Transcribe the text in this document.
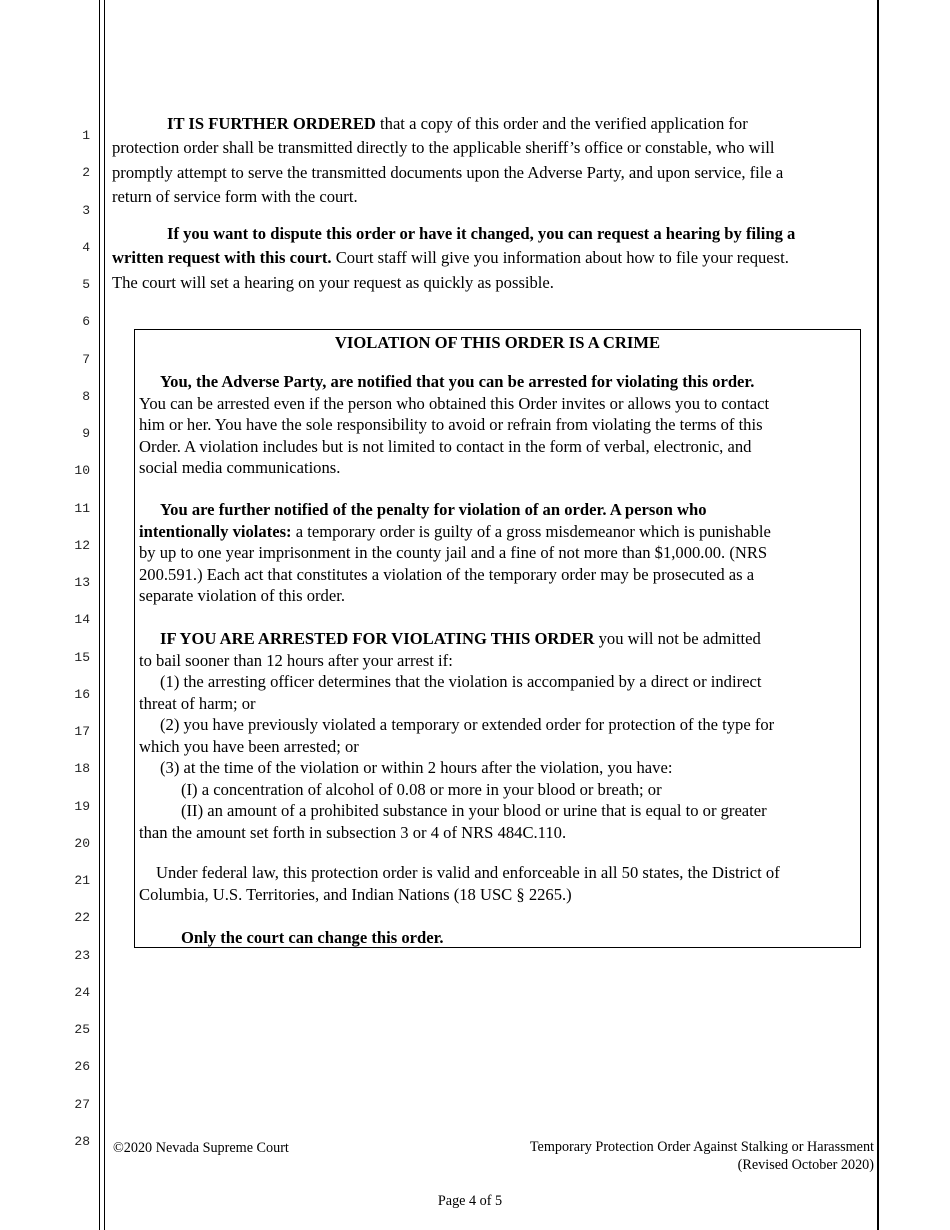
1
2
3
4
5
6
7
8
9
10
11
12
13
14
15
16
17
18
19
20
21
22
23
24
25
26
27
28
IT IS FURTHER ORDERED that a copy of this order and the verified application for
protection order shall be transmitted directly to the applicable sheriff’s office or constable, who will
promptly attempt to serve the transmitted documents upon the Adverse Party, and upon service, file a
return of service form with the court.
If you want to dispute this order or have it changed, you can request a hearing by filing a
written request with this court. Court staff will give you information about how to file your request.
The court will set a hearing on your request as quickly as possible.
VIOLATION OF THIS ORDER IS A CRIME
You, the Adverse Party, are notified that you can be arrested for violating this order.
You can be arrested even if the person who obtained this Order invites or allows you to contact
him or her. You have the sole responsibility to avoid or refrain from violating the terms of this
Order. A violation includes but is not limited to contact in the form of verbal, electronic, and
social media communications.
You are further notified of the penalty for violation of an order. A person who
intentionally violates: a temporary order is guilty of a gross misdemeanor which is punishable
by up to one year imprisonment in the county jail and a fine of not more than $1,000.00. (NRS
200.591.) Each act that constitutes a violation of the temporary order may be prosecuted as a
separate violation of this order.
IF YOU ARE ARRESTED FOR VIOLATING THIS ORDER you will not be admitted
to bail sooner than 12 hours after your arrest if:
(1) the arresting officer determines that the violation is accompanied by a direct or indirect
threat of harm; or
(2) you have previously violated a temporary or extended order for protection of the type for
which you have been arrested; or
(3) at the time of the violation or within 2 hours after the violation, you have:
(I) a concentration of alcohol of 0.08 or more in your blood or breath; or
(II) an amount of a prohibited substance in your blood or urine that is equal to or greater
than the amount set forth in subsection 3 or 4 of NRS 484C.110.
Under federal law, this protection order is valid and enforceable in all 50 states, the District of
Columbia, U.S. Territories, and Indian Nations (18 USC § 2265.)
Only the court can change this order.
©2020 Nevada Supreme Court	Temporary Protection Order Against Stalking or Harassment
(Revised October 2020)
Page 4 of 5
